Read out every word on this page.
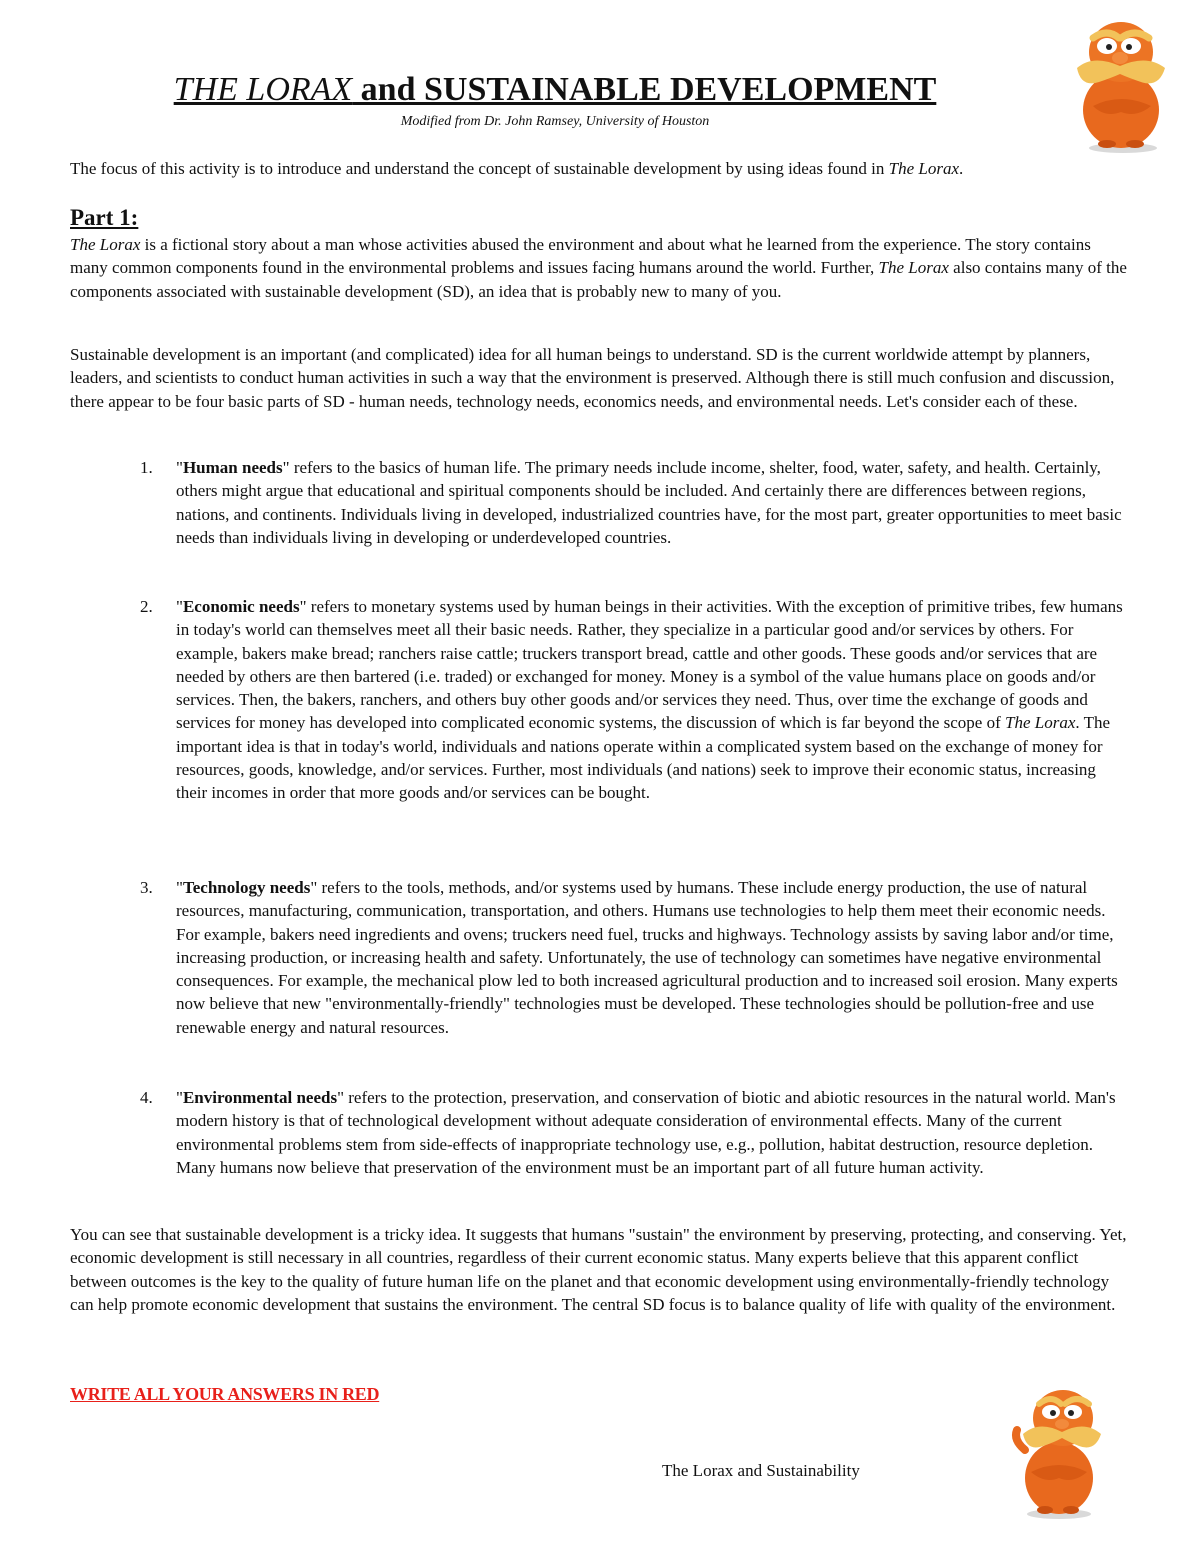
THE LORAX and SUSTAINABLE DEVELOPMENT
Modified from Dr. John Ramsey, University of Houston
The focus of this activity is to introduce and understand the concept of sustainable development by using ideas found in The Lorax.
Part 1:

The Lorax is a fictional story about a man whose activities abused the environment and about what he learned from the experience. The story contains many common components found in the environmental problems and issues facing humans around the world. Further, The Lorax also contains many of the components associated with sustainable development (SD), an idea that is probably new to many of you.

Sustainable development is an important (and complicated) idea for all human beings to understand. SD is the current worldwide attempt by planners, leaders, and scientists to conduct human activities in such a way that the environment is preserved. Although there is still much confusion and discussion, there appear to be four basic parts of SD - human needs, technology needs, economics needs, and environmental needs. Let's consider each of these.

1.	"Human needs" refers to the basics of human life. The primary needs include income, shelter, food, water, safety, and health. Certainly, others might argue that educational and spiritual components should be included. And certainly there are differences between regions, nations, and continents. Individuals living in developed, industrialized countries have, for the most part, greater opportunities to meet basic needs than individuals living in developing or underdeveloped countries.
2.	"Economic needs" refers to monetary systems used by human beings in their activities. With the exception of primitive tribes, few humans in today's world can themselves meet all their basic needs. Rather, they specialize in a particular good and/or services by others. For example, bakers make bread; ranchers raise cattle; truckers transport bread, cattle and other goods. These goods and/or services that are needed by others are then bartered (i.e. traded) or exchanged for money. Money is a symbol of the value humans place on goods and/or services. Then, the bakers, ranchers, and others buy other goods and/or services they need. Thus, over time the exchange of goods and services for money has developed into complicated economic systems, the discussion of which is far beyond the scope of The Lorax. The important idea is that in today's world, individuals and nations operate within a complicated system based on the exchange of money for resources, goods, knowledge, and/or services. Further, most individuals (and nations) seek to improve their economic status, increasing their incomes in order that more goods and/or services can be bought.
3.	"Technology needs" refers to the tools, methods, and/or systems used by humans. These include energy production, the use of natural resources, manufacturing, communication, transportation, and others. Humans use technologies to help them meet their economic needs. For example, bakers need ingredients and ovens; truckers need fuel, trucks and highways. Technology assists by saving labor and/or time, increasing production, or increasing health and safety. Unfortunately, the use of technology can sometimes have negative environmental consequences. For example, the mechanical plow led to both increased agricultural production and to increased soil erosion. Many experts now believe that new "environmentally-friendly" technologies must be developed. These technologies should be pollution-free and use renewable energy and natural resources.
4.	"Environmental needs" refers to the protection, preservation, and conservation of biotic and abiotic resources in the natural world. Man's modern history is that of technological development without adequate consideration of environmental effects. Many of the current environmental problems stem from side-effects of inappropriate technology use, e.g., pollution, habitat destruction, resource depletion. Many humans now believe that preservation of the environment must be an important part of all future human activity.

You can see that sustainable development is a tricky idea. It suggests that humans "sustain" the environment by preserving, protecting, and conserving. Yet, economic development is still necessary in all countries, regardless of their current economic status. Many experts believe that this apparent conflict between outcomes is the key to the quality of future human life on the planet and that economic development using environmentally-friendly technology can help promote economic development that sustains the environment. The central SD focus is to balance quality of life with quality of the environment.

WRITE ALL YOUR ANSWERS IN RED
The Lorax and Sustainability
